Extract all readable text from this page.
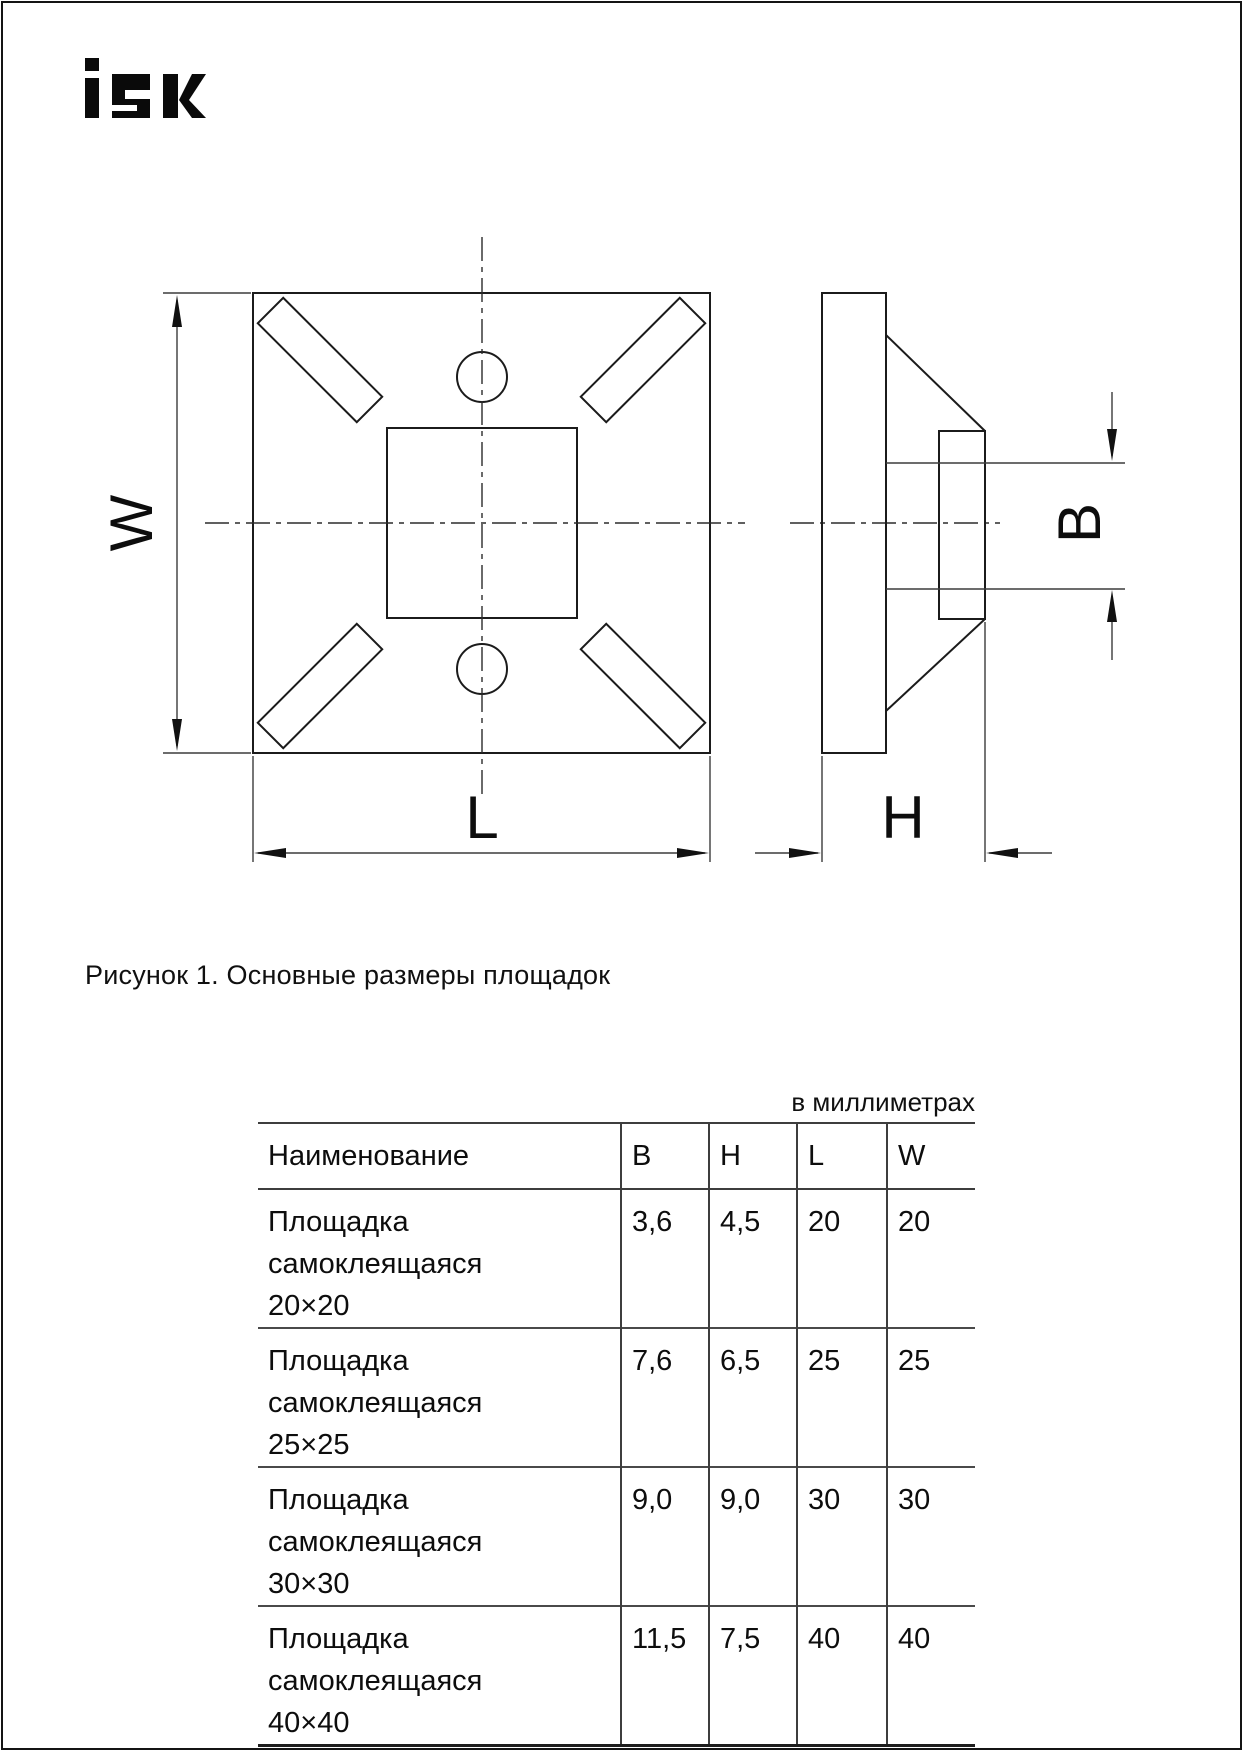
W
L	H
B
Рисунок 1. Основные размеры площадок
в миллиметрах
Наименование	B	H	L	W
Площадка самоклеящаяся
20×20	3,6	4,5	20	20
Площадка самоклеящаяся
25×25	7,6	6,5	25	25
Площадка самоклеящаяся
30×30	9,0	9,0	30	30
Площадка самоклеящаяся
40×40	11,5	7,5	40	40
